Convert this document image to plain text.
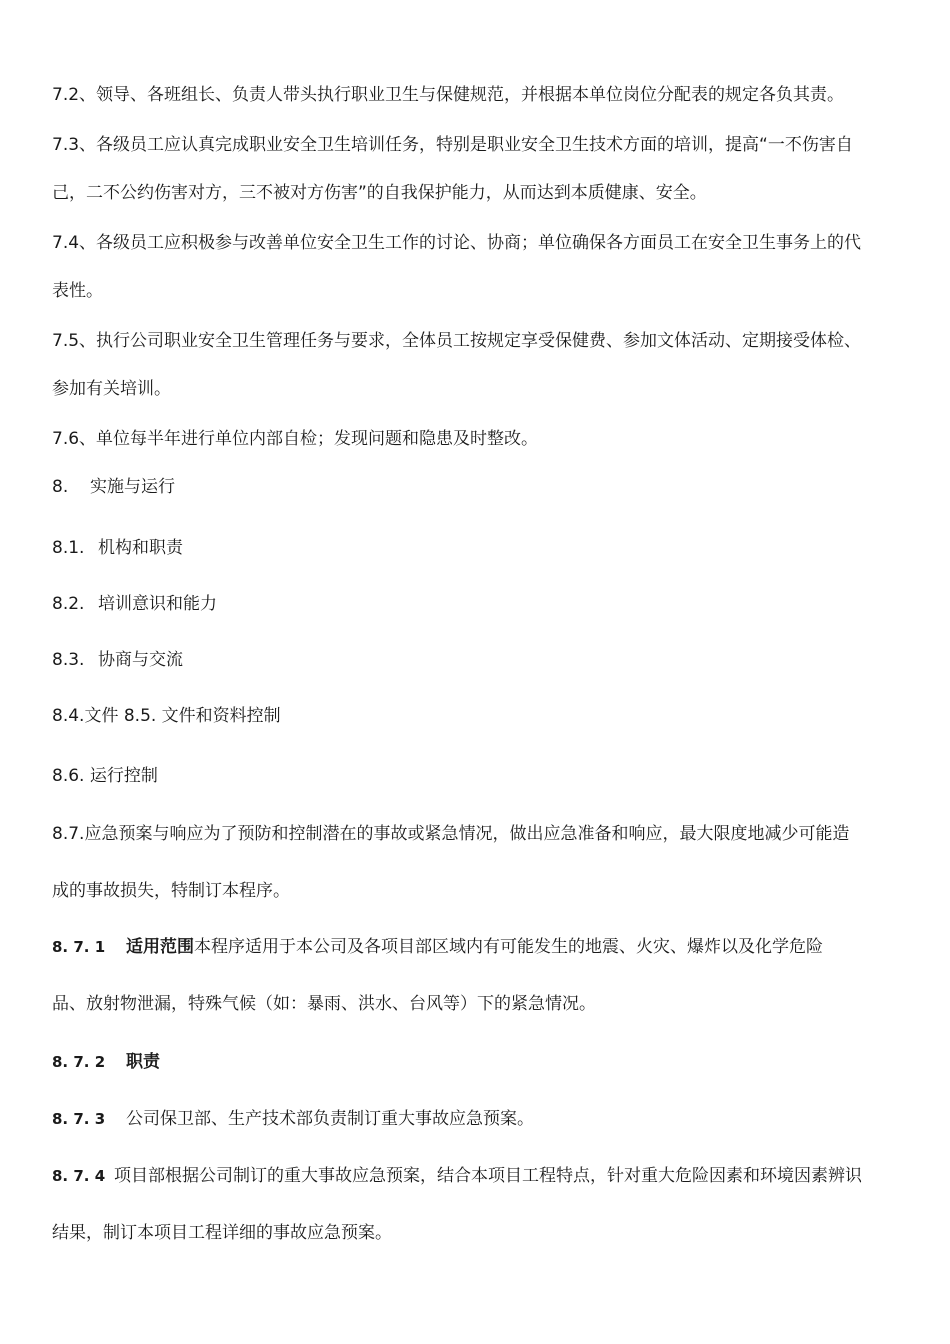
7.2、领导、各班组长、负责人带头执行职业卫生与保健规范，并根据本单位岗位分配表的规定各负其责。
7.3、各级员工应认真完成职业安全卫生培训任务，特别是职业安全卫生技术方面的培训，提高“一不伤害自
己，二不公约伤害对方，三不被对方伤害”的自我保护能力，从而达到本质健康、安全。
7.4、各级员工应积极参与改善单位安全卫生工作的讨论、协商；单位确保各方面员工在安全卫生事务上的代
表性。
7.5、执行公司职业安全卫生管理任务与要求，全体员工按规定享受保健费、参加文体活动、定期接受体检、
参加有关培训。
7.6、单位每半年进行单位内部自检；发现问题和隐患及时整改。
8. 实施与运行
8.1. 机构和职责
8.2. 培训意识和能力
8.3. 协商与交流
8.4.文件 8.5. 文件和资料控制
8.6. 运行控制
8.7.应急预案与响应为了预防和控制潜在的事故或紧急情况，做出应急准备和响应，最大限度地减少可能造
成的事故损失，特制订本程序。
8. 7. 1 适用范围本程序适用于本公司及各项目部区域内有可能发生的地震、火灾、爆炸以及化学危险
品、放射物泄漏，特殊气候（如：暴雨、洪水、台风等）下的紧急情况。
8. 7. 2 职责
8. 7. 3 公司保卫部、生产技术部负责制订重大事故应急预案。
8. 7. 4 项目部根据公司制订的重大事故应急预案，结合本项目工程特点，针对重大危险因素和环境因素辨识
结果，制订本项目工程详细的事故应急预案。
